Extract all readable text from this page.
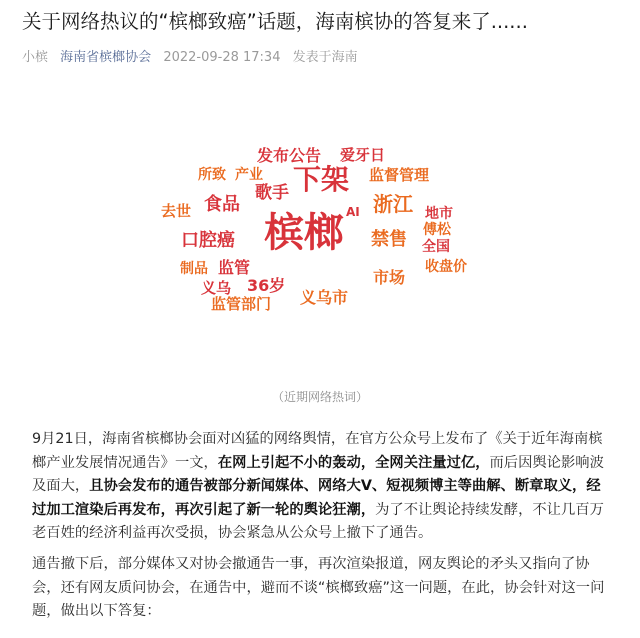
关于网络热议的“槟榔致癌”话题，海南槟协的答复来了......
小槟 海南省槟榔协会 2022-09-28 17:34 发表于海南
发布公告 爱牙日
所致 产业 下架 监督管理
歌手
食品	浙江
去世	AI	地市
槟榔	傅松
口腔癌	禁售 全国
制品 监管	收盘价
义乌 36岁	市场
义乌市
监管部门
（近期网络热词）

9月21日，海南省槟榔协会面对凶猛的网络舆情，在官方公众号上发布了《关于近年海南槟榔产业发展情况通告》一文，在网上引起不小的轰动，全网关注量过亿，而后因舆论影响波及面大，且协会发布的通告被部分新闻媒体、网络大V、短视频博主等曲解、断章取义，经过加工渲染后再发布，再次引起了新一轮的舆论狂潮，为了不让舆论持续发酵，不让几百万老百姓的经济利益再次受损，协会紧急从公众号上撤下了通告。

通告撤下后，部分媒体又对协会撤通告一事，再次渲染报道，网友舆论的矛头又指向了协会，还有网友质问协会，在通告中，避而不谈“槟榔致癌”这一问题，在此，协会针对这一问题，做出以下答复：
